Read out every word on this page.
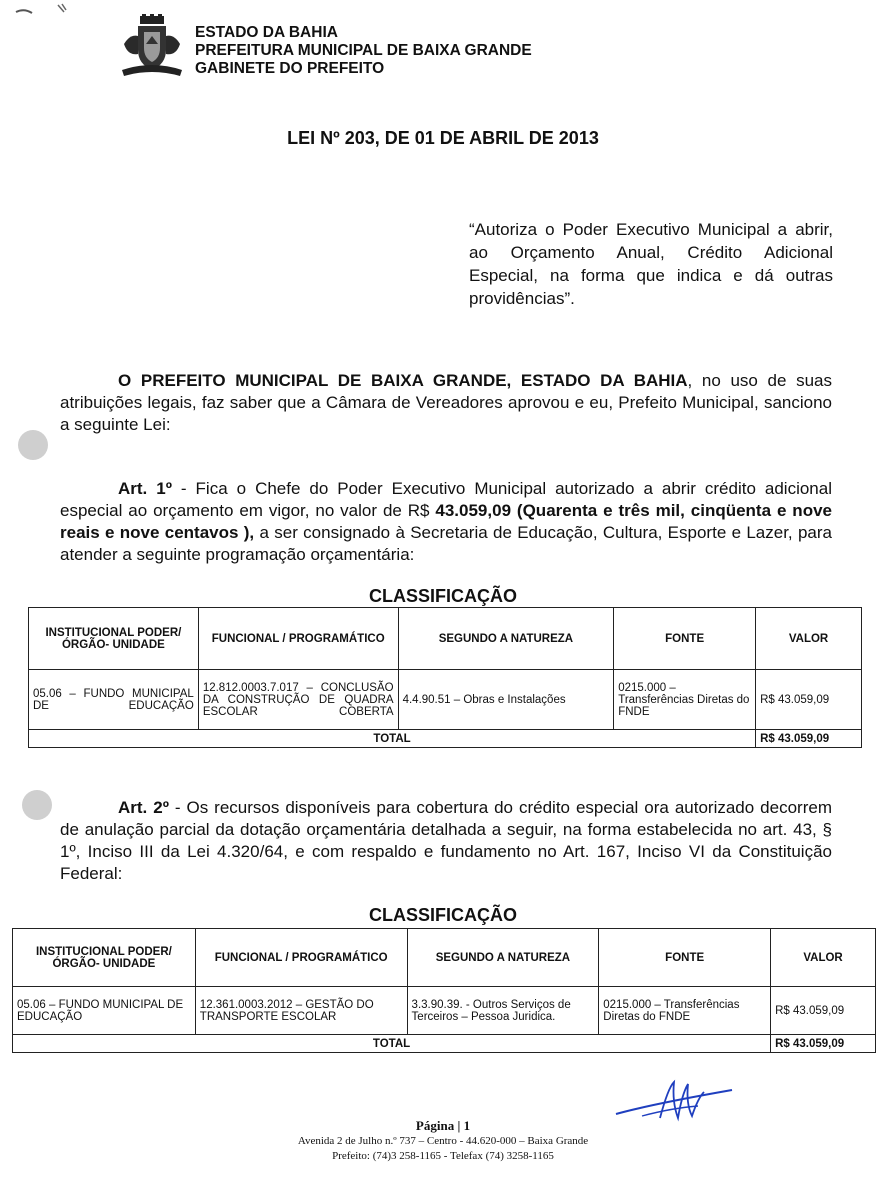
ESTADO DA BAHIA
PREFEITURA MUNICIPAL DE BAIXA GRANDE
GABINETE DO PREFEITO
LEI Nº 203, DE 01 DE ABRIL DE 2013
“Autoriza o Poder Executivo Municipal a abrir, ao Orçamento Anual, Crédito Adicional Especial, na forma que indica e dá outras providências”.
O PREFEITO MUNICIPAL DE BAIXA GRANDE, ESTADO DA BAHIA, no uso de suas atribuições legais, faz saber que a Câmara de Vereadores aprovou e eu, Prefeito Municipal, sanciono a seguinte Lei:
Art. 1º - Fica o Chefe do Poder Executivo Municipal autorizado a abrir crédito adicional especial ao orçamento em vigor, no valor de R$ 43.059,09 (Quarenta e três mil, cinqüenta e nove reais e nove centavos ), a ser consignado à Secretaria de Educação, Cultura, Esporte e Lazer, para atender a seguinte programação orçamentária:
CLASSIFICAÇÃO
INSTITUCIONAL PODER/ÓRGÃO- UNIDADE	FUNCIONAL / PROGRAMÁTICO	SEGUNDO A NATUREZA	FONTE	VALOR
05.06 – FUNDO MUNICIPAL DE EDUCAÇÃO	12.812.0003.7.017 – CONCLUSÃO DA CONSTRUÇÃO DE QUADRA ESCOLAR COBERTA	4.4.90.51 – Obras e Instalações	0215.000 – Transferências Diretas do FNDE	R$ 43.059,09
TOTAL				R$ 43.059,09
Art. 2º - Os recursos disponíveis para cobertura do crédito especial ora autorizado decorrem de anulação parcial da dotação orçamentária detalhada a seguir, na forma estabelecida no art. 43, § 1º, Inciso III da Lei 4.320/64, e com respaldo e fundamento no Art. 167, Inciso VI da Constituição Federal:
CLASSIFICAÇÃO
INSTITUCIONAL PODER/ÓRGÃO- UNIDADE	FUNCIONAL / PROGRAMÁTICO	SEGUNDO A NATUREZA	FONTE	VALOR
05.06 – FUNDO MUNICIPAL DE EDUCAÇÃO	12.361.0003.2012 – GESTÃO DO TRANSPORTE ESCOLAR	3.3.90.39. - Outros Serviços de Terceiros – Pessoa Juridica.	0215.000 – Transferências Diretas do FNDE	R$ 43.059,09
TOTAL				R$ 43.059,09
Página | 1
Avenida 2 de Julho n.º 737 – Centro - 44.620-000 – Baixa Grande
Prefeito: (74)3 258-1165 - Telefax (74) 3258-1165
